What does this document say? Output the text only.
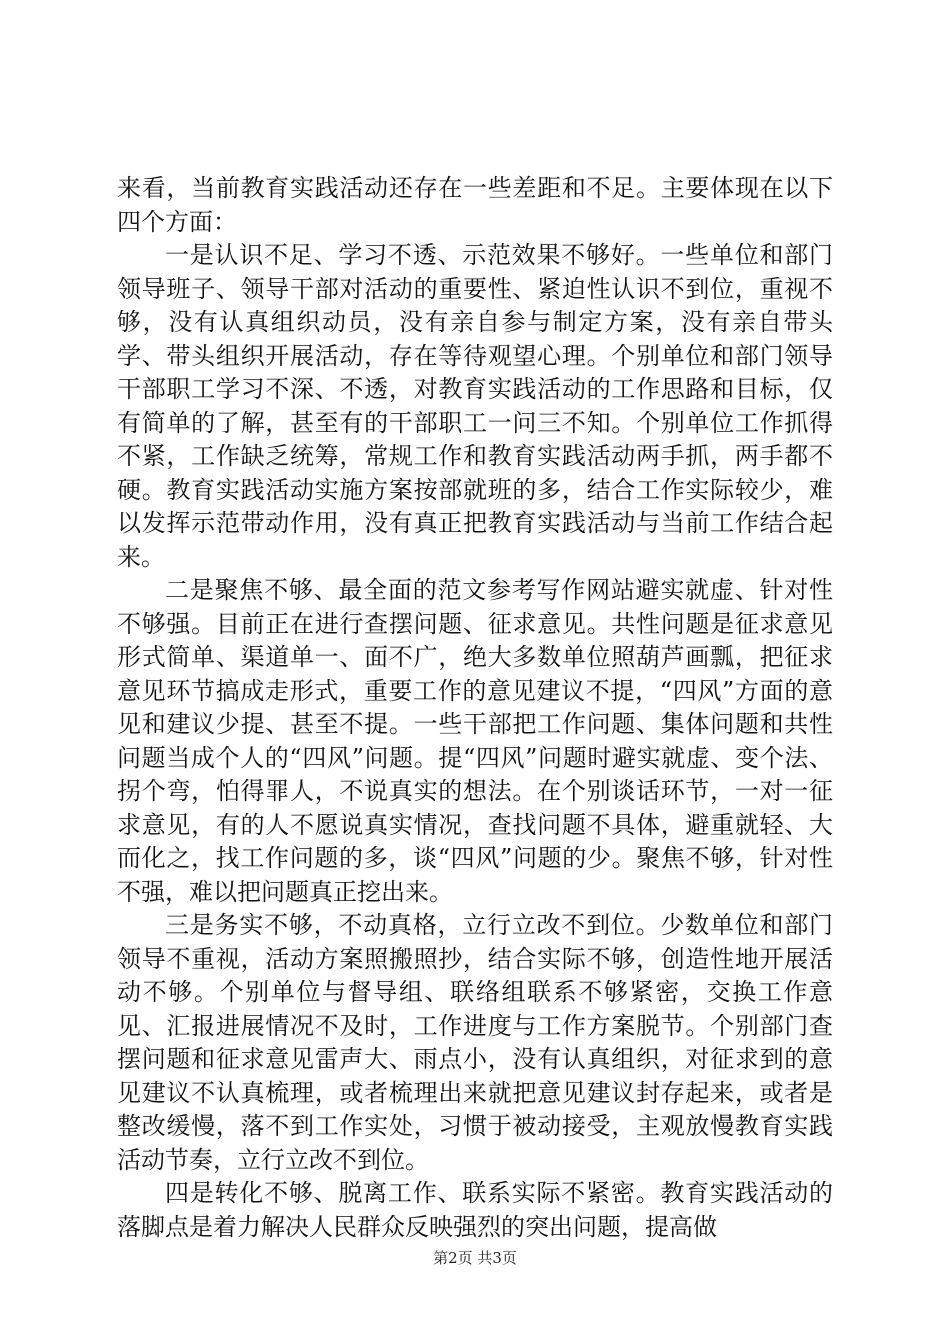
来看，当前教育实践活动还存在一些差距和不足。主要体现在以下四个方面：

一是认识不足、学习不透、示范效果不够好。一些单位和部门领导班子、领导干部对活动的重要性、紧迫性认识不到位，重视不够，没有认真组织动员，没有亲自参与制定方案，没有亲自带头学、带头组织开展活动，存在等待观望心理。个别单位和部门领导干部职工学习不深、不透，对教育实践活动的工作思路和目标，仅有简单的了解，甚至有的干部职工一问三不知。个别单位工作抓得不紧，工作缺乏统筹，常规工作和教育实践活动两手抓，两手都不硬。教育实践活动实施方案按部就班的多，结合工作实际较少，难以发挥示范带动作用，没有真正把教育实践活动与当前工作结合起来。

二是聚焦不够、最全面的范文参考写作网站避实就虚、针对性不够强。目前正在进行查摆问题、征求意见。共性问题是征求意见形式简单、渠道单一、面不广，绝大多数单位照葫芦画瓢，把征求意见环节搞成走形式，重要工作的意见建议不提，“四风”方面的意见和建议少提、甚至不提。一些干部把工作问题、集体问题和共性问题当成个人的“四风”问题。提“四风”问题时避实就虚、变个法、拐个弯，怕得罪人，不说真实的想法。在个别谈话环节，一对一征求意见，有的人不愿说真实情况，查找问题不具体，避重就轻、大而化之，找工作问题的多，谈“四风”问题的少。聚焦不够，针对性不强，难以把问题真正挖出来。

三是务实不够，不动真格，立行立改不到位。少数单位和部门领导不重视，活动方案照搬照抄，结合实际不够，创造性地开展活动不够。个别单位与督导组、联络组联系不够紧密，交换工作意见、汇报进展情况不及时，工作进度与工作方案脱节。个别部门查摆问题和征求意见雷声大、雨点小，没有认真组织，对征求到的意见建议不认真梳理，或者梳理出来就把意见建议封存起来，或者是整改缓慢，落不到工作实处，习惯于被动接受，主观放慢教育实践活动节奏，立行立改不到位。

四是转化不够、脱离工作、联系实际不紧密。教育实践活动的落脚点是着力解决人民群众反映强烈的突出问题，提高做

第2页 共3页
